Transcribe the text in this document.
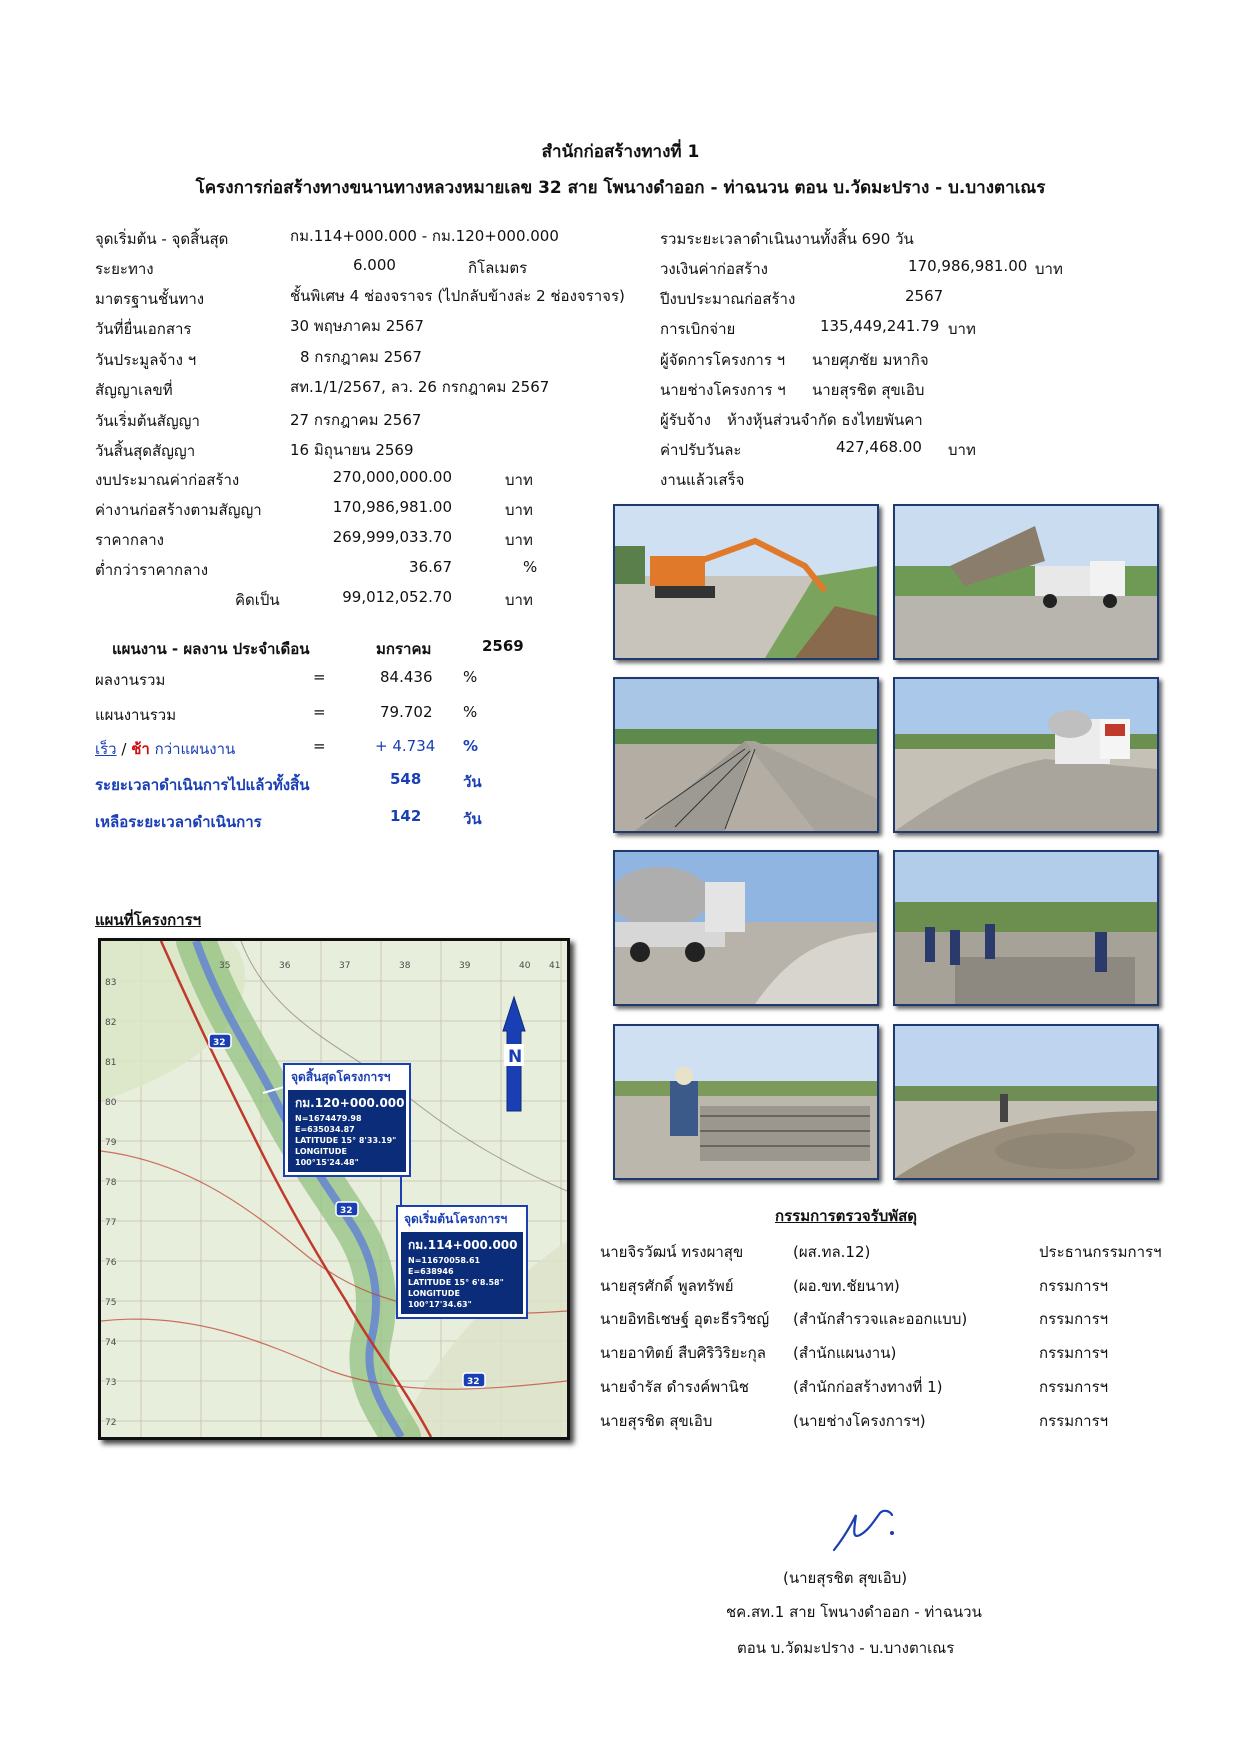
สำนักก่อสร้างทางที่ 1
โครงการก่อสร้างทางขนานทางหลวงหมายเลข 32 สาย โพนางดำออก - ท่าฉนวน ตอน บ.วัดมะปราง - บ.บางตาเณร
จุดเริ่มต้น - จุดสิ้นสุด	กม.114+000.000 - กม.120+000.000
ระยะทาง	6.000	กิโลเมตร
มาตรฐานชั้นทาง	ชั้นพิเศษ 4 ช่องจราจร (ไปกลับข้างล่ะ 2 ช่องจราจร)
วันที่ยื่นเอกสาร	30 พฤษภาคม 2567
วันประมูลจ้าง ฯ	8 กรกฎาคม 2567
สัญญาเลขที่	สท.1/1/2567, ลว. 26 กรกฎาคม 2567
วันเริ่มต้นสัญญา	27 กรกฎาคม 2567
วันสิ้นสุดสัญญา	16 มิถุนายน 2569
งบประมาณค่าก่อสร้าง	270,000,000.00	บาท
ค่างานก่อสร้างตามสัญญา	170,986,981.00	บาท
ราคากลาง	269,999,033.70	บาท
ต่ำกว่าราคากลาง	36.67	%
คิดเป็น	99,012,052.70	บาท
รวมระยะเวลาดำเนินงานทั้งสิ้น 690 วัน
วงเงินค่าก่อสร้าง	170,986,981.00 บาท
ปีงบประมาณก่อสร้าง	2567
การเบิกจ่าย	135,449,241.79 บาท
ผู้จัดการโครงการ ฯ นายศุภชัย มหากิจ
นายช่างโครงการ ฯ นายสุรชิต สุขเอิบ
ผู้รับจ้าง ห้างหุ้นส่วนจำกัด ธงไทยพันคา
ค่าปรับวันละ	427,468.00 บาท
งานแล้วเสร็จ
แผนงาน - ผลงาน ประจำเดือน	มกราคม	2569
ผลงานรวม	=	84.436 %
แผนงานรวม	=	79.702 %
เร็ว / ช้า กว่าแผนงาน	=	+ 4.734 %
ระยะเวลาดำเนินการไปแล้วทั้งสิ้น	548	วัน
เหลือระยะเวลาดำเนินการ	142	วัน
แผนที่โครงการฯ
35	36	37	38	39	40 41
83
82
81
80
79
78
77
76
75
74
73
72
32
32
32
N
จุดสิ้นสุดโครงการฯ
กม.120+000.000
N=1674479.98
E=635034.87
LATITUDE 15° 8'33.19"
LONGITUDE 100°15'24.48"
จุดเริ่มต้นโครงการฯ
กม.114+000.000
N=11670058.61
E=638946
LATITUDE 15° 6'8.58"
LONGITUDE 100°17'34.63"
กรรมการตรวจรับพัสดุ
นายจิรวัฒน์ ทรงผาสุข	(ผส.ทล.12)	ประธานกรรมการฯ
นายสุรศักดิ์ พูลทรัพย์	(ผอ.ขท.ชัยนาท)	กรรมการฯ
นายอิทธิเชษฐ์ อุตะธีรวิชญ์ (สำนักสำรวจและออกแบบ)	กรรมการฯ
นายอาทิตย์ สืบศิริวิริยะกุล (สำนักแผนงาน)	กรรมการฯ
นายจำรัส ดำรงค์พานิช	(สำนักก่อสร้างทางที่ 1)	กรรมการฯ
นายสุรชิต สุขเอิบ	(นายช่างโครงการฯ)	กรรมการฯ
(นายสุรชิต สุขเอิบ)
ชค.สท.1 สาย โพนางดำออก - ท่าฉนวน
ตอน บ.วัดมะปราง - บ.บางตาเณร
